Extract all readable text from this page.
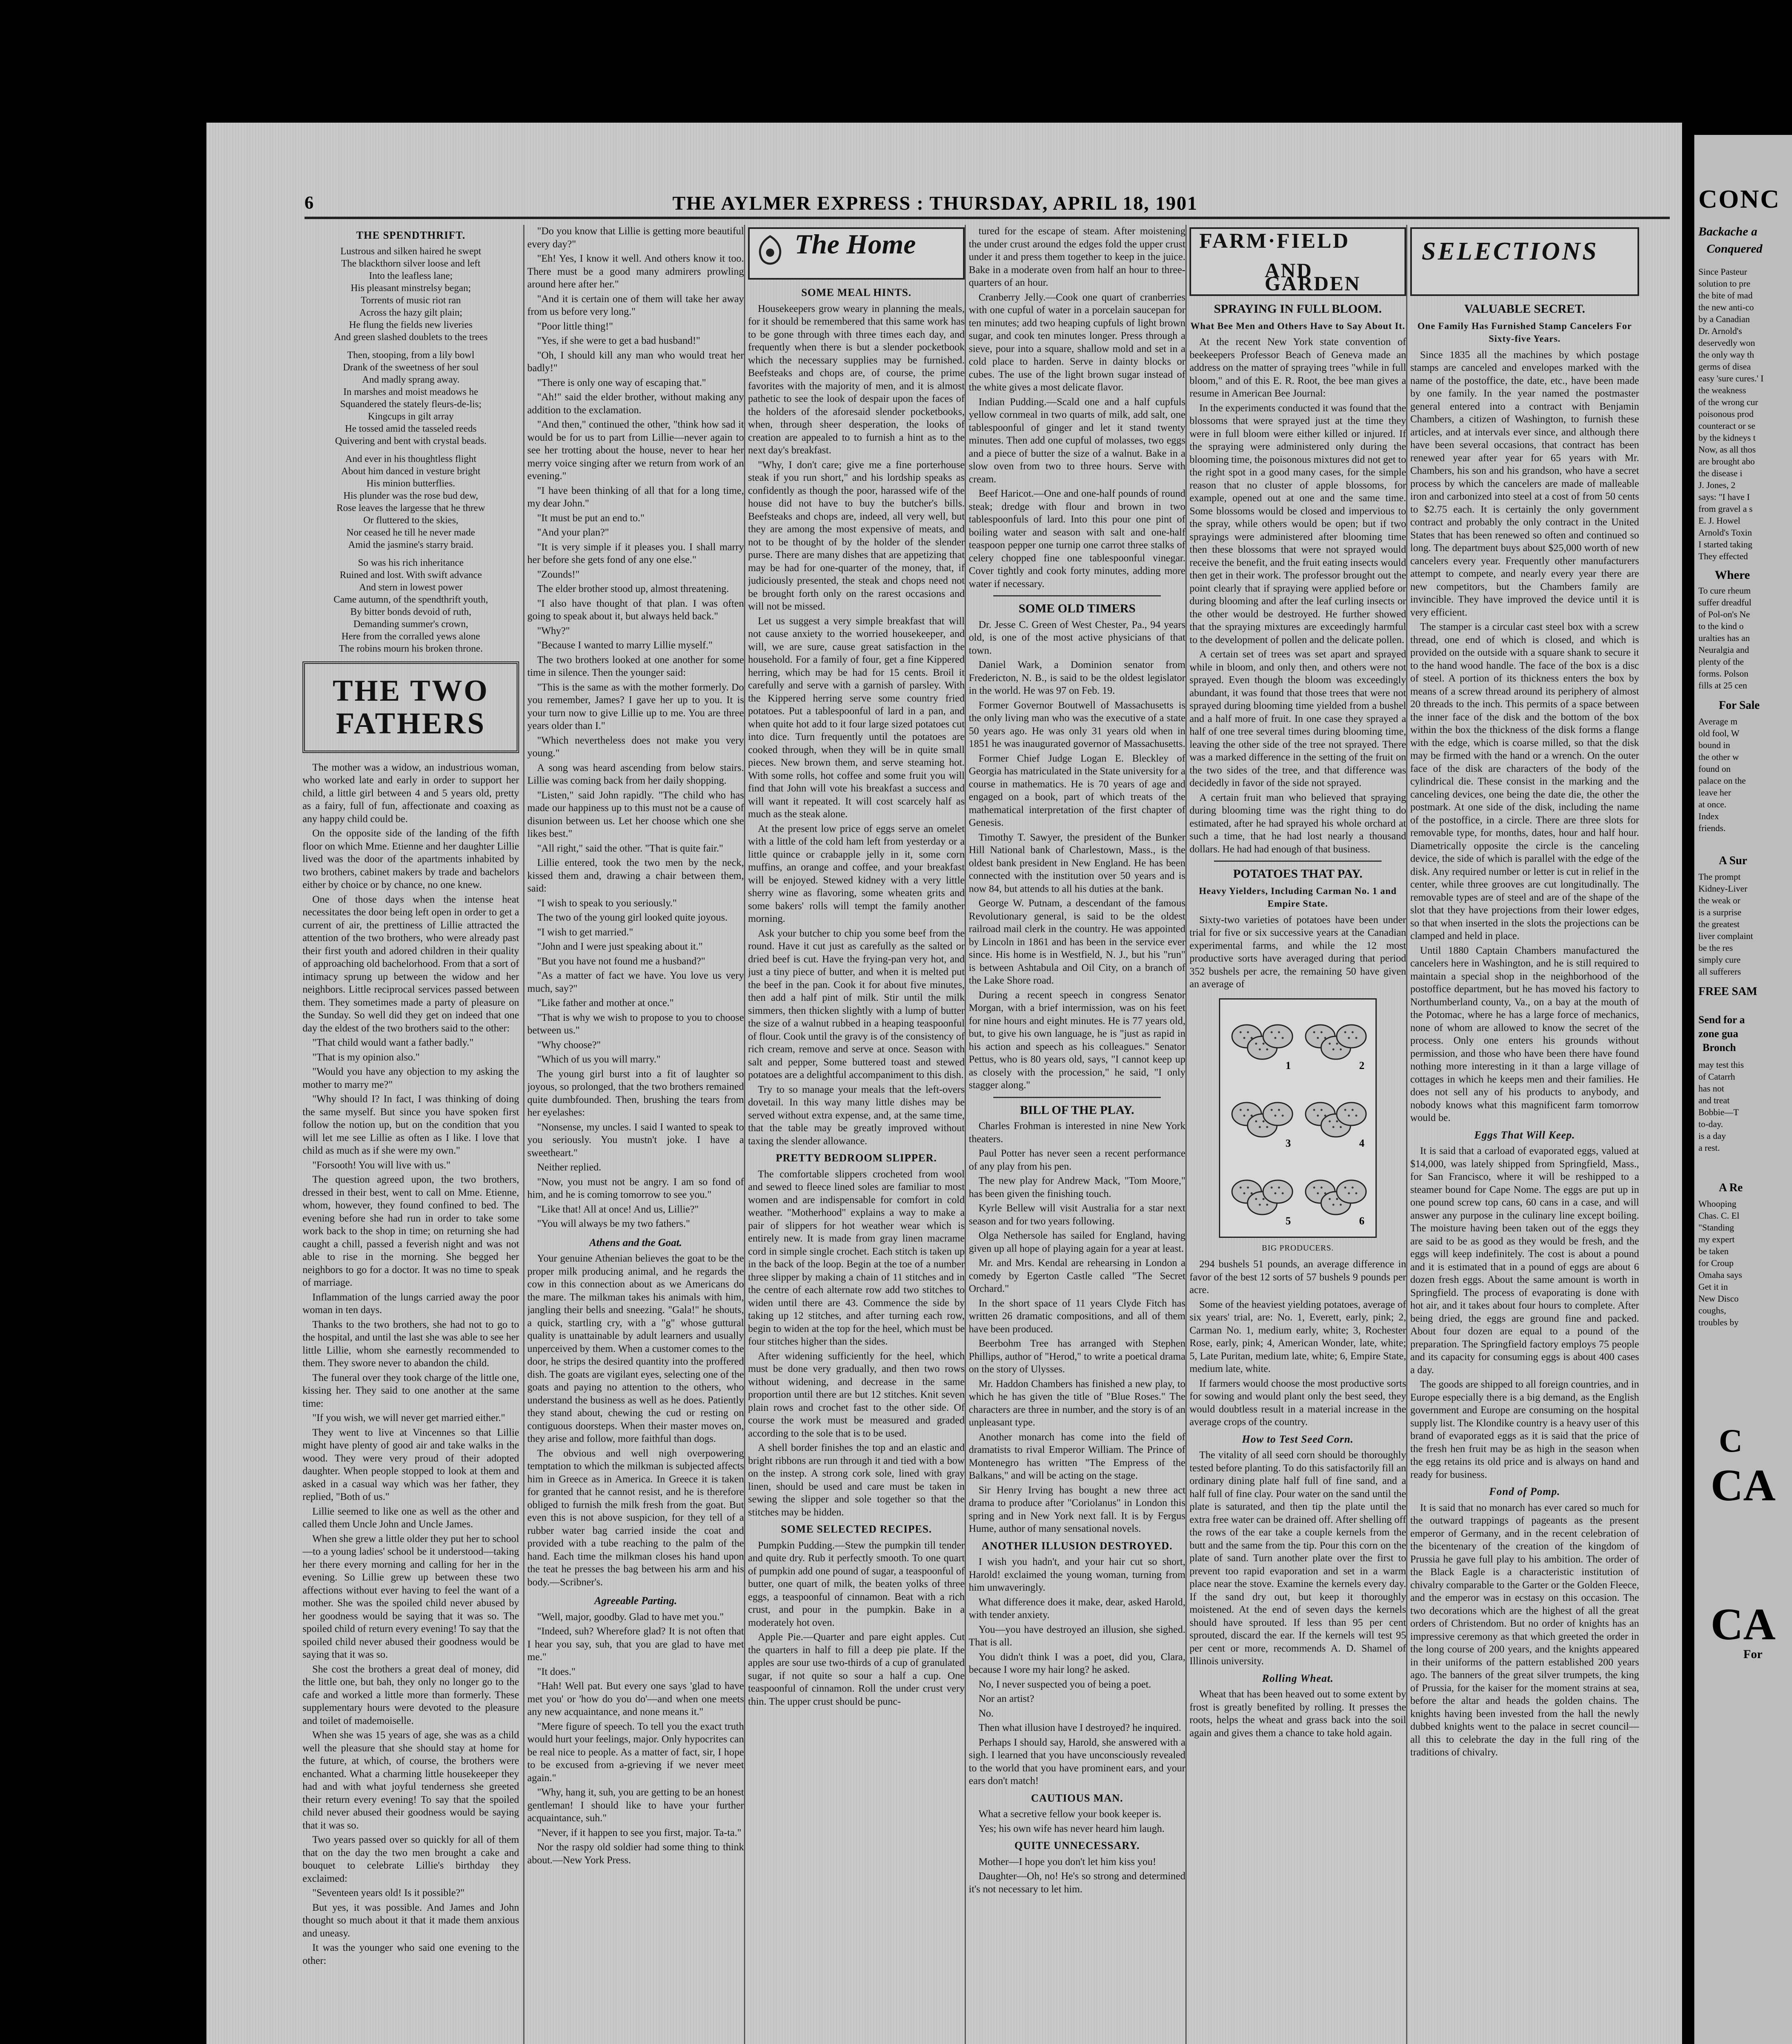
6	THE AYLMER EXPRESS : THURSDAY, APRIL 18, 1901
THE SPENDTHRIFT.
Lustrous and silken haired he swept
The blackthorn silver loose and left
Into the leafless lane;
His pleasant minstrelsy began;
Torrents of music riot ran
Across the hazy gilt plain;
He flung the fields new liveries
And green slashed doublets to the trees
Then, stooping, from a lily bowl
Drank of the sweetness of her soul
And madly sprang away.
In marshes and moist meadows he
Squandered the stately fleurs-de-lis;
Kingcups in gilt array
He tossed amid the tasseled reeds
Quivering and bent with crystal beads.
And ever in his thoughtless flight
About him danced in vesture bright
His minion butterflies.
His plunder was the rose bud dew,
Rose leaves the largesse that he threw
Or fluttered to the skies,
Nor ceased he till he never made
Amid the jasmine's starry braid.
So was his rich inheritance
Ruined and lost. With swift advance
And stern in lowest power
Came autumn, of the spendthrift youth,
By bitter bonds devoid of ruth,
Demanding summer's crown,
Here from the corralled yews alone
The robins mourn his broken throne.
THE TWO FATHERS

The mother was a widow, an industrious woman, who worked late and early in order to support her child, a little girl between 4 and 5 years old, pretty as a fairy, full of fun, affectionate and coaxing as any happy child could be.

On the opposite side of the landing of the fifth floor on which Mme. Etienne and her daughter Lillie lived was the door of the apartments inhabited by two brothers, cabinet makers by trade and bachelors either by choice or by chance, no one knew.

One of those days when the intense heat necessitates the door being left open in order to get a current of air, the prettiness of Lillie attracted the attention of the two brothers, who were already past their first youth and adored children in their quality of approaching old bachelorhood. From that a sort of intimacy sprung up between the widow and her neighbors. Little reciprocal services passed between them. They sometimes made a party of pleasure on the Sunday. So well did they get on indeed that one day the eldest of the two brothers said to the other:

"That child would want a father badly."

"That is my opinion also."

"Would you have any objection to my asking the mother to marry me?"

"Why should I? In fact, I was thinking of doing the same myself. But since you have spoken first follow the notion up, but on the condition that you will let me see Lillie as often as I like. I love that child as much as if she were my own."

"Forsooth! You will live with us."

The question agreed upon, the two brothers, dressed in their best, went to call on Mme. Etienne, whom, however, they found confined to bed. The evening before she had run in order to take some work back to the shop in time; on returning she had caught a chill, passed a feverish night and was not able to rise in the morning. She begged her neighbors to go for a doctor. It was no time to speak of marriage.

Inflammation of the lungs carried away the poor woman in ten days.

Thanks to the two brothers, she had not to go to the hospital, and until the last she was able to see her little Lillie, whom she earnestly recommended to them. They swore never to abandon the child.

The funeral over they took charge of the little one, kissing her. They said to one another at the same time:

"If you wish, we will never get married either."

They went to live at Vincennes so that Lillie might have plenty of good air and take walks in the wood. They were very proud of their adopted daughter. When people stopped to look at them and asked in a casual way which was her father, they replied, "Both of us."

Lillie seemed to like one as well as the other and called them Uncle John and Uncle James.

When she grew a little older they put her to school—to a young ladies' school be it understood—taking her there every morning and calling for her in the evening. So Lillie grew up between these two affections without ever having to feel the want of a mother. She was the spoiled child never abused by her goodness would be saying that it was so. The spoiled child of return every evening! To say that the spoiled child never abused their goodness would be saying that it was so.

She cost the brothers a great deal of money, did the little one, but bah, they only no longer go to the cafe and worked a little more than formerly. These supplementary hours were devoted to the pleasure and toilet of mademoiselle.

When she was 15 years of age, she was as a child well the pleasure that she should stay at home for the future, at which, of course, the brothers were enchanted. What a charming little housekeeper they had and with what joyful tenderness she greeted their return every evening! To say that the spoiled child never abused their goodness would be saying that it was so.

Two years passed over so quickly for all of them that on the day the two men brought a cake and bouquet to celebrate Lillie's birthday they exclaimed:

"Seventeen years old! Is it possible?"

But yes, it was possible. And James and John thought so much about it that it made them anxious and uneasy.

It was the younger who said one evening to the other:

"Do you know that Lillie is getting more beautiful every day?"

"Eh! Yes, I know it well. And others know it too. There must be a good many admirers prowling around here after her."

"And it is certain one of them will take her away from us before very long."

"Poor little thing!"

"Yes, if she were to get a bad husband!"

"Oh, I should kill any man who would treat her badly!"

"There is only one way of escaping that."

"Ah!" said the elder brother, without making any addition to the exclamation.

"And then," continued the other, "think how sad it would be for us to part from Lillie—never again to see her trotting about the house, never to hear her merry voice singing after we return from work of an evening."

"I have been thinking of all that for a long time, my dear John."

"It must be put an end to."

"And your plan?"

"It is very simple if it pleases you. I shall marry her before she gets fond of any one else."

"Zounds!"

The elder brother stood up, almost threatening.

"I also have thought of that plan. I was often going to speak about it, but always held back."

"Why?"

"Because I wanted to marry Lillie myself."

The two brothers looked at one another for some time in silence. Then the younger said:

"This is the same as with the mother formerly. Do you remember, James? I gave her up to you. It is your turn now to give Lillie up to me. You are three years older than I."

"Which nevertheless does not make you very young."

A song was heard ascending from below stairs. Lillie was coming back from her daily shopping.

"Listen," said John rapidly. "The child who has made our happiness up to this must not be a cause of disunion between us. Let her choose which one she likes best."

"All right," said the other. "That is quite fair."

Lillie entered, took the two men by the neck, kissed them and, drawing a chair between them, said:

"I wish to speak to you seriously."

The two of the young girl looked quite joyous.

"I wish to get married."

"John and I were just speaking about it."

"But you have not found me a husband?"

"As a matter of fact we have. You love us very much, say?"

"Like father and mother at once."

"That is why we wish to propose to you to choose between us."

"Why choose?"

"Which of us you will marry."

The young girl burst into a fit of laughter so joyous, so prolonged, that the two brothers remained quite dumbfounded. Then, brushing the tears from her eyelashes:

"Nonsense, my uncles. I said I wanted to speak to you seriously. You mustn't joke. I have a sweetheart."

Neither replied.

"Now, you must not be angry. I am so fond of him, and he is coming tomorrow to see you."

"Like that! All at once! And us, Lillie?"

"You will always be my two fathers."

Athens and the Goat.

Your genuine Athenian believes the goat to be the proper milk producing animal, and he regards the cow in this connection about as we Americans do the mare. The milkman takes his animals with him, jangling their bells and sneezing. "Gala!" he shouts, a quick, startling cry, with a "g" whose guttural quality is unattainable by adult learners and usually unperceived by them. When a customer comes to the door, he strips the desired quantity into the proffered dish. The goats are vigilant eyes, selecting one of the goats and paying no attention to the others, who understand the business as well as he does. Patiently they stand about, chewing the cud or resting on contiguous doorsteps. When their master moves on, they arise and follow, more faithful than dogs.

The obvious and well nigh overpowering temptation to which the milkman is subjected affects him in Greece as in America. In Greece it is taken for granted that he cannot resist, and he is therefore obliged to furnish the milk fresh from the goat. But even this is not above suspicion, for they tell of a rubber water bag carried inside the coat and provided with a tube reaching to the palm of the hand. Each time the milkman closes his hand upon the teat he presses the bag between his arm and his body.—Scribner's.

Agreeable Parting.

"Well, major, goodby. Glad to have met you."

"Indeed, suh? Wherefore glad? It is not often that I hear you say, suh, that you are glad to have met me."

"It does."

"Hah! Well pat. But every one says 'glad to have met you' or 'how do you do'—and when one meets any new acquaintance, and none means it."

"Mere figure of speech. To tell you the exact truth would hurt your feelings, major. Only hypocrites can be real nice to people. As a matter of fact, sir, I hope to be excused from a-grieving if we never meet again."

"Why, hang it, suh, you are getting to be an honest gentleman! I should like to have your further acquaintance, suh."

"Never, if it happen to see you first, major. Ta-ta."

Nor the raspy old soldier had some thing to think about.—New York Press.

The Home
SOME MEAL HINTS.

Housekeepers grow weary in planning the meals, for it should be remembered that this same work has to be gone through with three times each day, and frequently when there is but a slender pocketbook which the necessary supplies may be furnished. Beefsteaks and chops are, of course, the prime favorites with the majority of men, and it is almost pathetic to see the look of despair upon the faces of the holders of the aforesaid slender pocketbooks, when, through sheer desperation, the looks of creation are appealed to to furnish a hint as to the next day's breakfast.

"Why, I don't care; give me a fine porterhouse steak if you run short," and his lordship speaks as confidently as though the poor, harassed wife of the house did not have to buy the butcher's bills. Beefsteaks and chops are, indeed, all very well, but they are among the most expensive of meats, and not to be thought of by the holder of the slender purse. There are many dishes that are appetizing that may be had for one-quarter of the money, that, if judiciously presented, the steak and chops need not be brought forth only on the rarest occasions and will not be missed.

Let us suggest a very simple breakfast that will not cause anxiety to the worried housekeeper, and will, we are sure, cause great satisfaction in the household. For a family of four, get a fine Kippered herring, which may be had for 15 cents. Broil it carefully and serve with a garnish of parsley. With the Kippered herring serve some country fried potatoes. Put a tablespoonful of lard in a pan, and when quite hot add to it four large sized potatoes cut into dice. Turn frequently until the potatoes are cooked through, when they will be in quite small pieces. New brown them, and serve steaming hot. With some rolls, hot coffee and some fruit you will find that John will vote his breakfast a success and will want it repeated. It will cost scarcely half as much as the steak alone.

At the present low price of eggs serve an omelet with a little of the cold ham left from yesterday or a little quince or crabapple jelly in it, some corn muffins, an orange and coffee, and your breakfast will be enjoyed. Stewed kidney with a very little sherry wine as flavoring, some wheaten grits and some bakers' rolls will tempt the family another morning.

Ask your butcher to chip you some beef from the round. Have it cut just as carefully as the salted or dried beef is cut. Have the frying-pan very hot, and just a tiny piece of butter, and when it is melted put the beef in the pan. Cook it for about five minutes, then add a half pint of milk. Stir until the milk simmers, then thicken slightly with a lump of butter the size of a walnut rubbed in a heaping teaspoonful of flour. Cook until the gravy is of the consistency of rich cream, remove and serve at once. Season with salt and pepper, Some buttered toast and stewed potatoes are a delightful accompaniment to this dish.

Try to so manage your meals that the left-overs dovetail. In this way many little dishes may be served without extra expense, and, at the same time, that the table may be greatly improved without taxing the slender allowance.

PRETTY BEDROOM SLIPPER.

The comfortable slippers crocheted from wool and sewed to fleece lined soles are familiar to most women and are indispensable for comfort in cold weather. "Motherhood" explains a way to make a pair of slippers for hot weather wear which is entirely new. It is made from gray linen macrame cord in simple single crochet. Each stitch is taken up in the back of the loop. Begin at the toe of a number three slipper by making a chain of 11 stitches and in the centre of each alternate row add two stitches to widen until there are 43. Commence the side by taking up 12 stitches, and after turning each row, begin to widen at the top for the heel, which must be four stitches higher than the sides.

After widening sufficiently for the heel, which must be done very gradually, and then two rows without widening, and decrease in the same proportion until there are but 12 stitches. Knit seven plain rows and crochet fast to the other side. Of course the work must be measured and graded according to the sole that is to be used.

A shell border finishes the top and an elastic and bright ribbons are run through it and tied with a bow on the instep. A strong cork sole, lined with gray linen, should be used and care must be taken in sewing the slipper and sole together so that the stitches may be hidden.

SOME SELECTED RECIPES.

Pumpkin Pudding.—Stew the pumpkin till tender and quite dry. Rub it perfectly smooth. To one quart of pumpkin add one pound of sugar, a teaspoonful of butter, one quart of milk, the beaten yolks of three eggs, a teaspoonful of cinnamon. Beat with a rich crust, and pour in the pumpkin. Bake in a moderately hot oven.

Apple Pie.—Quarter and pare eight apples. Cut the quarters in half to fill a deep pie plate. If the apples are sour use two-thirds of a cup of granulated sugar, if not quite so sour a half a cup. One teaspoonful of cinnamon. Roll the under crust very thin. The upper crust should be punc-

tured for the escape of steam. After moistening the under crust around the edges fold the upper crust under it and press them together to keep in the juice. Bake in a moderate oven from half an hour to three-quarters of an hour.

Cranberry Jelly.—Cook one quart of cranberries with one cupful of water in a porcelain saucepan for ten minutes; add two heaping cupfuls of light brown sugar, and cook ten minutes longer. Press through a sieve, pour into a square, shallow mold and set in a cold place to harden. Serve in dainty blocks or cubes. The use of the light brown sugar instead of the white gives a most delicate flavor.

Indian Pudding.—Scald one and a half cupfuls yellow cornmeal in two quarts of milk, add salt, one tablespoonful of ginger and let it stand twenty minutes. Then add one cupful of molasses, two eggs and a piece of butter the size of a walnut. Bake in a slow oven from two to three hours. Serve with cream.

Beef Haricot.—One and one-half pounds of round steak; dredge with flour and brown in two tablespoonfuls of lard. Into this pour one pint of boiling water and season with salt and one-half teaspoon pepper one turnip one carrot three stalks of celery chopped fine one tablespoonful vinegar. Cover tightly and cook forty minutes, adding more water if necessary.

SOME OLD TIMERS

Dr. Jesse C. Green of West Chester, Pa., 94 years old, is one of the most active physicians of that town.

Daniel Wark, a Dominion senator from Fredericton, N. B., is said to be the oldest legislator in the world. He was 97 on Feb. 19.

Former Governor Boutwell of Massachusetts is the only living man who was the executive of a state 50 years ago. He was only 31 years old when in 1851 he was inaugurated governor of Massachusetts.

Former Chief Judge Logan E. Bleckley of Georgia has matriculated in the State university for a course in mathematics. He is 70 years of age and engaged on a book, part of which treats of the mathematical interpretation of the first chapter of Genesis.

Timothy T. Sawyer, the president of the Bunker Hill National bank of Charlestown, Mass., is the oldest bank president in New England. He has been connected with the institution over 50 years and is now 84, but attends to all his duties at the bank.

George W. Putnam, a descendant of the famous Revolutionary general, is said to be the oldest railroad mail clerk in the country. He was appointed by Lincoln in 1861 and has been in the service ever since. His home is in Westfield, N. J., but his "run" is between Ashtabula and Oil City, on a branch of the Lake Shore road.

During a recent speech in congress Senator Morgan, with a brief intermission, was on his feet for nine hours and eight minutes. He is 77 years old, but, to give his own language, he is "just as rapid in his action and speech as his colleagues." Senator Pettus, who is 80 years old, says, "I cannot keep up as closely with the procession," he said, "I only stagger along."

BILL OF THE PLAY.

Charles Frohman is interested in nine New York theaters.

Paul Potter has never seen a recent performance of any play from his pen.

The new play for Andrew Mack, "Tom Moore," has been given the finishing touch.

Kyrle Bellew will visit Australia for a star next season and for two years following.

Olga Nethersole has sailed for England, having given up all hope of playing again for a year at least.

Mr. and Mrs. Kendal are rehearsing in London a comedy by Egerton Castle called "The Secret Orchard."

In the short space of 11 years Clyde Fitch has written 26 dramatic compositions, and all of them have been produced.

Beerbohm Tree has arranged with Stephen Phillips, author of "Herod," to write a poetical drama on the story of Ulysses.

Mr. Haddon Chambers has finished a new play, to which he has given the title of "Blue Roses." The characters are three in number, and the story is of an unpleasant type.

Another monarch has come into the field of dramatists to rival Emperor William. The Prince of Montenegro has written "The Empress of the Balkans," and will be acting on the stage.

Sir Henry Irving has bought a new three act drama to produce after "Coriolanus" in London this spring and in New York next fall. It is by Fergus Hume, author of many sensational novels.

ANOTHER ILLUSION DESTROYED.

I wish you hadn't, and your hair cut so short, Harold! exclaimed the young woman, turning from him unwaveringly.

What difference does it make, dear, asked Harold, with tender anxiety.

You—you have destroyed an illusion, she sighed. That is all.

You didn't think I was a poet, did you, Clara, because I wore my hair long? he asked.

No, I never suspected you of being a poet.

Nor an artist?

No.

Then what illusion have I destroyed? he inquired.

Perhaps I should say, Harold, she answered with a sigh. I learned that you have unconsciously revealed to the world that you have prominent ears, and your ears don't match!

CAUTIOUS MAN.

What a secretive fellow your book keeper is.

Yes; his own wife has never heard him laugh.

QUITE UNNECESSARY.

Mother—I hope you don't let him kiss you!

Daughter—Oh, no! He's so strong and determined it's not necessary to let him.

FARM·FIELD
AND GARDEN
SPRAYING IN FULL BLOOM.
What Bee Men and Others Have to Say About It.

At the recent New York state convention of beekeepers Professor Beach of Geneva made an address on the matter of spraying trees "while in full bloom," and of this E. R. Root, the bee man gives a resume in American Bee Journal:

In the experiments conducted it was found that the blossoms that were sprayed just at the time they were in full bloom were either killed or injured. If the spraying were administered only during the blooming time, the poisonous mixtures did not get to the right spot in a good many cases, for the simple reason that no cluster of apple blossoms, for example, opened out at one and the same time. Some blossoms would be closed and impervious to the spray, while others would be open; but if two sprayings were administered after blooming time then these blossoms that were not sprayed would receive the benefit, and the fruit eating insects would then get in their work. The professor brought out the point clearly that if spraying were applied before or during blooming and after the leaf curling insects or the other would be destroyed. He further showed that the spraying mixtures are exceedingly harmful to the development of pollen and the delicate pollen.

A certain set of trees was set apart and sprayed while in bloom, and only then, and others were not sprayed. Even though the bloom was exceedingly abundant, it was found that those trees that were not sprayed during blooming time yielded from a bushel and a half more of fruit. In one case they sprayed a half of one tree several times during blooming time, leaving the other side of the tree not sprayed. There was a marked difference in the setting of the fruit on the two sides of the tree, and that difference was decidedly in favor of the side not sprayed.

A certain fruit man who believed that spraying during blooming time was the right thing to do estimated, after he had sprayed his whole orchard at such a time, that he had lost nearly a thousand dollars. He had had enough of that business.

POTATOES THAT PAY.
Heavy Yielders, Including Carman No. 1 and Empire State.

Sixty-two varieties of potatoes have been under trial for five or six successive years at the Canadian experimental farms, and while the 12 most productive sorts have averaged during that period 352 bushels per acre, the remaining 50 have given an average of

1	2
3	4
5	6
BIG PRODUCERS.

294 bushels 51 pounds, an average difference in favor of the best 12 sorts of 57 bushels 9 pounds per acre.

Some of the heaviest yielding potatoes, average of six years' trial, are: No. 1, Everett, early, pink; 2, Carman No. 1, medium early, white; 3, Rochester Rose, early, pink; 4, American Wonder, late, white; 5, Late Puritan, medium late, white; 6, Empire State, medium late, white.

If farmers would choose the most productive sorts for sowing and would plant only the best seed, they would doubtless result in a material increase in the average crops of the country.

How to Test Seed Corn.

The vitality of all seed corn should be thoroughly tested before planting. To do this satisfactorily fill an ordinary dining plate half full of fine sand, and a half full of fine clay. Pour water on the sand until the plate is saturated, and then tip the plate until the extra free water can be drained off. After shelling off the rows of the ear take a couple kernels from the butt and the same from the tip. Pour this corn on the plate of sand. Turn another plate over the first to prevent too rapid evaporation and set in a warm place near the stove. Examine the kernels every day. If the sand dry out, but keep it thoroughly moistened. At the end of seven days the kernels should have sprouted. If less than 95 per cent sprouted, discard the ear. If the kernels will test 95 per cent or more, recommends A. D. Shamel of Illinois university.

Rolling Wheat.

Wheat that has been heaved out to some extent by frost is greatly benefited by rolling. It presses the roots, helps the wheat and grass back into the soil again and gives them a chance to take hold again.

SELECTIONS
VALUABLE SECRET.
One Family Has Furnished Stamp Cancelers For Sixty-five Years.

Since 1835 all the machines by which postage stamps are canceled and envelopes marked with the name of the postoffice, the date, etc., have been made by one family. In the year named the postmaster general entered into a contract with Benjamin Chambers, a citizen of Washington, to furnish these articles, and at intervals ever since, and although there have been several occasions, that contract has been renewed year after year for 65 years with Mr. Chambers, his son and his grandson, who have a secret process by which the cancelers are made of malleable iron and carbonized into steel at a cost of from 50 cents to $2.75 each. It is certainly the only government contract and probably the only contract in the United States that has been renewed so often and continued so long. The department buys about $25,000 worth of new cancelers every year. Frequently other manufacturers attempt to compete, and nearly every year there are new competitors, but the Chambers family are invincible. They have improved the device until it is very efficient.

The stamper is a circular cast steel box with a screw thread, one end of which is closed, and which is provided on the outside with a square shank to secure it to the hand wood handle. The face of the box is a disc of steel. A portion of its thickness enters the box by means of a screw thread around its periphery of almost 20 threads to the inch. This permits of a space between the inner face of the disk and the bottom of the box within the box the thickness of the disk forms a flange with the edge, which is coarse milled, so that the disk may be firmed with the hand or a wrench. On the outer face of the disk are characters of the body of the cylindrical die. These consist in the marking and the canceling devices, one being the date die, the other the postmark. At one side of the disk, including the name of the postoffice, in a circle. There are three slots for removable type, for months, dates, hour and half hour. Diametrically opposite the circle is the canceling device, the side of which is parallel with the edge of the disk. Any required number or letter is cut in relief in the center, while three grooves are cut longitudinally. The removable types are of steel and are of the shape of the slot that they have projections from their lower edges, so that when inserted in the slots the projections can be clamped and held in place.

Until 1880 Captain Chambers manufactured the cancelers here in Washington, and he is still required to maintain a special shop in the neighborhood of the postoffice department, but he has moved his factory to Northumberland county, Va., on a bay at the mouth of the Potomac, where he has a large force of mechanics, none of whom are allowed to know the secret of the process. Only one enters his grounds without permission, and those who have been there have found nothing more interesting in it than a large village of cottages in which he keeps men and their families. He does not sell any of his products to anybody, and nobody knows what this magnificent farm tomorrow would be.

Eggs That Will Keep.

It is said that a carload of evaporated eggs, valued at $14,000, was lately shipped from Springfield, Mass., for San Francisco, where it will be reshipped to a steamer bound for Cape Nome. The eggs are put up in one pound screw top cans, 60 cans in a case, and will answer any purpose in the culinary line except boiling. The moisture having been taken out of the eggs they are said to be as good as they would be fresh, and the eggs will keep indefinitely. The cost is about a pound and it is estimated that in a pound of eggs are about 6 dozen fresh eggs. About the same amount is worth in Springfield. The process of evaporating is done with hot air, and it takes about four hours to complete. After being dried, the eggs are ground fine and packed. About four dozen are equal to a pound of the preparation. The Springfield factory employs 75 people and its capacity for consuming eggs is about 400 cases a day.

The goods are shipped to all foreign countries, and in Europe especially there is a big demand, as the English government and Europe are consuming on the hospital supply list. The Klondike country is a heavy user of this brand of evaporated eggs as it is said that the price of the fresh hen fruit may be as high in the season when the egg retains its old price and is always on hand and ready for business.

Fond of Pomp.

It is said that no monarch has ever cared so much for the outward trappings of pageants as the present emperor of Germany, and in the recent celebration of the bicentenary of the creation of the kingdom of Prussia he gave full play to his ambition. The order of the Black Eagle is a characteristic institution of chivalry comparable to the Garter or the Golden Fleece, and the emperor was in ecstasy on this occasion. The two decorations which are the highest of all the great orders of Christendom. But no order of knights has an impressive ceremony as that which greeted the order in the long course of 200 years, and the knights appeared in their uniforms of the pattern established 200 years ago. The banners of the great silver trumpets, the king of Prussia, for the kaiser for the moment strains at sea, before the altar and heads the golden chains. The knights having been invested from the hall the newly dubbed knights went to the palace in secret council—all this to celebrate the day in the full ring of the traditions of chivalry.

CONC
Backache a
Conquered
Since Pasteur
solution to pre
the bite of mad
the new anti-co
by a Canadian
Dr. Arnold's
deservedly won
the only way th
germs of disea
easy 'sure cures.' I
the weakness
of the wrong cur
poisonous prod
counteract or se
by the kidneys t
Now, as all thos
are brought abo
the disease i
J. Jones, 2
says: "I have I
from gravel a s
E. J. Howel
Arnold's Toxin
I started taking
They effected
Where
To cure rheum
suffer dreadful
of Pol-on's Ne
to the kind o
uralties has an
Neuralgia and
plenty of the
forms. Polson
fills at 25 cen
For Sale
Average m
old fool, W
bound in
the other w
found on
palace on the
leave her
at once.
Index
friends.
A Sur
The prompt
Kidney-Liver
the weak or
is a surprise
the greatest
liver complaint
be the res
simply cure
all sufferers
FREE SAM
Send for a
zone gua
Bronch
may test this
of Catarrh
has not
and treat
Bobbie—T
to-day.
is a day
a rest.
A Re
Whooping
Chas. C. El
"Standing
my expert
be taken
for Croup
Omaha says
Get it in
New Disco
coughs,
troubles by
C
CA
CA
For
